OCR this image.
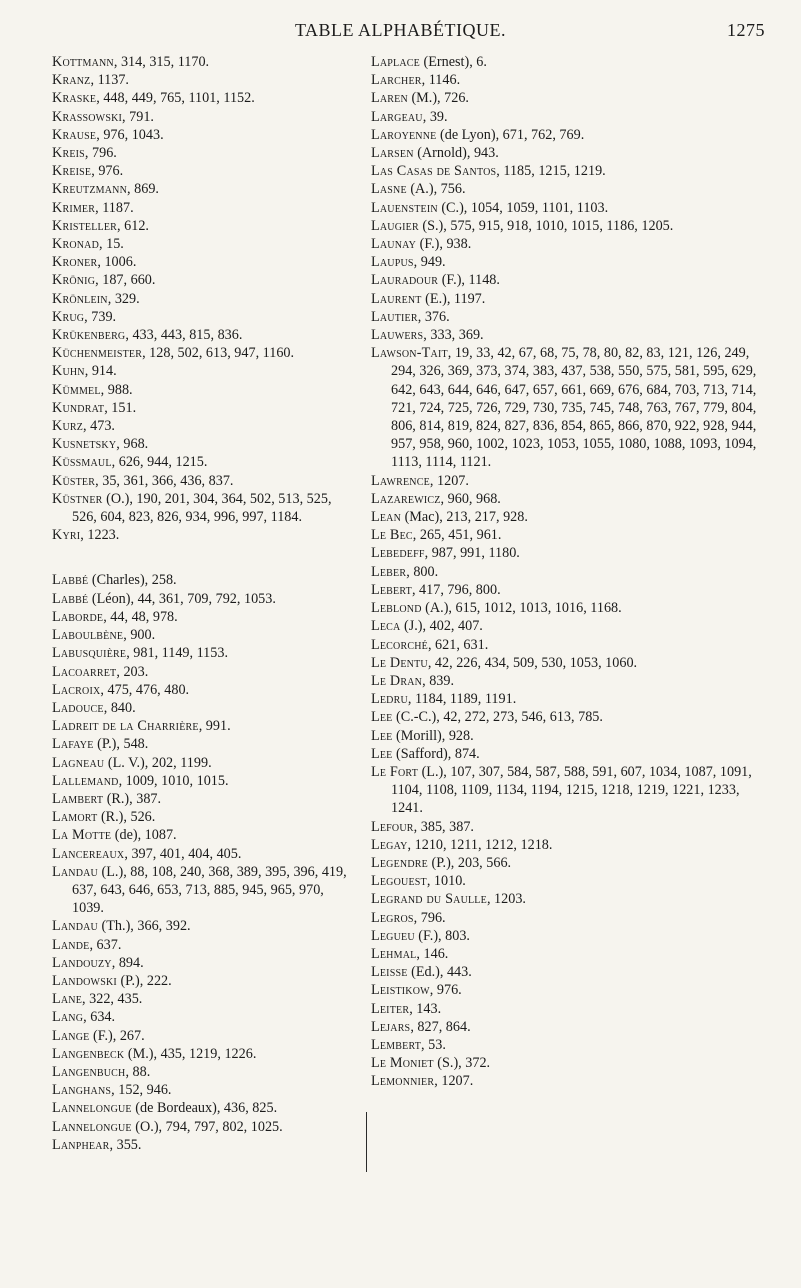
TABLE ALPHABÉTIQUE.	1275

Kottmann, 314, 315, 1170.

Kranz, 1137.

Kraske, 448, 449, 765, 1101, 1152.

Krassowski, 791.

Krause, 976, 1043.

Kreis, 796.

Kreise, 976.

Kreutzmann, 869.

Krimer, 1187.

Kristeller, 612.

Kronad, 15.

Kroner, 1006.

Krönig, 187, 660.

Krönlein, 329.

Krug, 739.

Krükenberg, 433, 443, 815, 836.

Küchenmeister, 128, 502, 613, 947, 1160.

Kuhn, 914.

Kümmel, 988.

Kundrat, 151.

Kurz, 473.

Kusnetsky, 968.

Küssmaul, 626, 944, 1215.

Küster, 35, 361, 366, 436, 837.

Küstner (O.), 190, 201, 304, 364, 502, 513, 525, 526, 604, 823, 826, 934, 996, 997, 1184.

Kyri, 1223.

Labbé (Charles), 258.

Labbé (Léon), 44, 361, 709, 792, 1053.

Laborde, 44, 48, 978.

Laboulbène, 900.

Labusquière, 981, 1149, 1153.

Lacoarret, 203.

Lacroix, 475, 476, 480.

Ladouce, 840.

Ladreit de la Charrière, 991.

Lafaye (P.), 548.

Lagneau (L. V.), 202, 1199.

Lallemand, 1009, 1010, 1015.

Lambert (R.), 387.

Lamort (R.), 526.

La Motte (de), 1087.

Lancereaux, 397, 401, 404, 405.

Landau (L.), 88, 108, 240, 368, 389, 395, 396, 419, 637, 643, 646, 653, 713, 885, 945, 965, 970, 1039.

Landau (Th.), 366, 392.

Lande, 637.

Landouzy, 894.

Landowski (P.), 222.

Lane, 322, 435.

Lang, 634.

Lange (F.), 267.

Langenbeck (M.), 435, 1219, 1226.

Langenbuch, 88.

Langhans, 152, 946.

Lannelongue (de Bordeaux), 436, 825.

Lannelongue (O.), 794, 797, 802, 1025.

Lanphear, 355.

Laplace (Ernest), 6.

Larcher, 1146.

Laren (M.), 726.

Largeau, 39.

Laroyenne (de Lyon), 671, 762, 769.

Larsen (Arnold), 943.

Las Casas de Santos, 1185, 1215, 1219.

Lasne (A.), 756.

Lauenstein (C.), 1054, 1059, 1101, 1103.

Laugier (S.), 575, 915, 918, 1010, 1015, 1186, 1205.

Launay (F.), 938.

Laupus, 949.

Lauradour (F.), 1148.

Laurent (E.), 1197.

Lautier, 376.

Lauwers, 333, 369.

Lawson-Tait, 19, 33, 42, 67, 68, 75, 78, 80, 82, 83, 121, 126, 249, 294, 326, 369, 373, 374, 383, 437, 538, 550, 575, 581, 595, 629, 642, 643, 644, 646, 647, 657, 661, 669, 676, 684, 703, 713, 714, 721, 724, 725, 726, 729, 730, 735, 745, 748, 763, 767, 779, 804, 806, 814, 819, 824, 827, 836, 854, 865, 866, 870, 922, 928, 944, 957, 958, 960, 1002, 1023, 1053, 1055, 1080, 1088, 1093, 1094, 1113, 1114, 1121.

Lawrence, 1207.

Lazarewicz, 960, 968.

Lean (Mac), 213, 217, 928.

Le Bec, 265, 451, 961.

Lebedeff, 987, 991, 1180.

Leber, 800.

Lebert, 417, 796, 800.

Leblond (A.), 615, 1012, 1013, 1016, 1168.

Leca (J.), 402, 407.

Lecorché, 621, 631.

Le Dentu, 42, 226, 434, 509, 530, 1053, 1060.

Le Dran, 839.

Ledru, 1184, 1189, 1191.

Lee (C.-C.), 42, 272, 273, 546, 613, 785.

Lee (Morill), 928.

Lee (Safford), 874.

Le Fort (L.), 107, 307, 584, 587, 588, 591, 607, 1034, 1087, 1091, 1104, 1108, 1109, 1134, 1194, 1215, 1218, 1219, 1221, 1233, 1241.

Lefour, 385, 387.

Legay, 1210, 1211, 1212, 1218.

Legendre (P.), 203, 566.

Legouest, 1010.

Legrand du Saulle, 1203.

Legros, 796.

Legueu (F.), 803.

Lehmal, 146.

Leisse (Ed.), 443.

Leistikow, 976.

Leiter, 143.

Lejars, 827, 864.

Lembert, 53.

Le Moniet (S.), 372.

Lemonnier, 1207.
